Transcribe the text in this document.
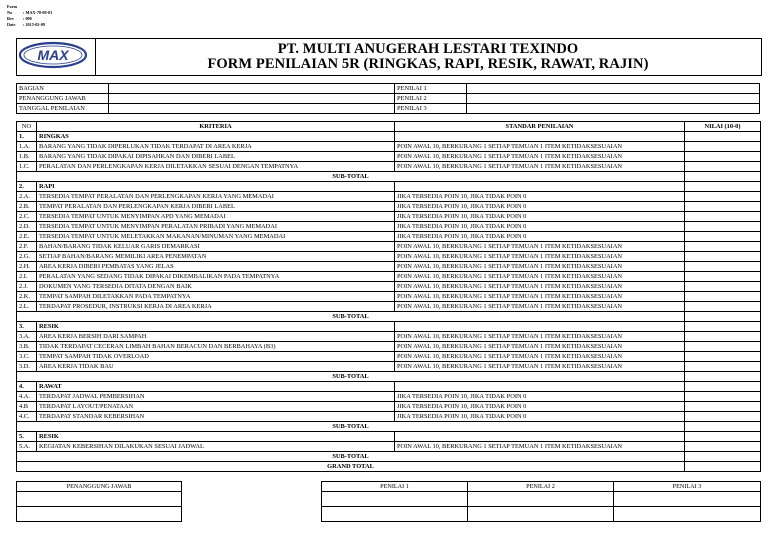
Form No	: MAX-78-09-01
Rev : 000
Date : 2015-02-09
PT. MULTI ANUGERAH LESTARI TEXINDO
FORM PENILAIAN 5R (RINGKAS, RAPI, RESIK, RAWAT, RAJIN)
MAX
BAGIAN		PENILAI 1	
PENANGGUNG JAWAB		PENILAI 2	
TANGGAL PENILAIAN		PENILAI 3	
NO	KRITERIA	STANDAR PENILAIAN	NILAI (10-0)
1.	RINGKAS		
1.A.	BARANG YANG TIDAK DIPERLUKAN TIDAK TERDAPAT DI AREA KERJA	POIN AWAL 10, BERKURANG 1 SETIAP TEMUAN 1 ITEM KETIDAKSESUAIAN	
1.B.	BARANG YANG TIDAK DIPAKAI DIPISAHKAN DAN DIBERI LABEL	POIN AWAL 10, BERKURANG 1 SETIAP TEMUAN 1 ITEM KETIDAKSESUAIAN	
1.C.	PERALATAN DAN PERLENGKAPAN KERJA DILETAKKAN SESUAI DENGAN TEMPATNYA	POIN AWAL 10, BERKURANG 1 SETIAP TEMUAN 1 ITEM KETIDAKSESUAIAN	
SUB-TOTAL			
2.	RAPI		
2.A.	TERSEDIA TEMPAT PERALATAN DAN PERLENGKAPAN KERJA YANG MEMADAI	JIKA TERSEDIA POIN 10, JIKA TIDAK POIN 0	
2.B.	TEMPAT PERALATAN DAN PERLENGKAPAN KERJA DIBERI LABEL	JIKA TERSEDIA POIN 10, JIKA TIDAK POIN 0	
2.C.	TERSEDIA TEMPAT UNTUK MENYIMPAN APD YANG MEMADAI	JIKA TERSEDIA POIN 10, JIKA TIDAK POIN 0	
2.D.	TERSEDIA TEMPAT UNTUK MENYIMPAN PERALATAN PRIBADI YANG MEMADAI	JIKA TERSEDIA POIN 10, JIKA TIDAK POIN 0	
2.E.	TERSEDIA TEMPAT UNTUK MELETAKKAN MAKANAN/MINUMAN YANG MEMADAI	JIKA TERSEDIA POIN 10, JIKA TIDAK POIN 0	
2.F.	BAHAN/BARANG TIDAK KELUAR GARIS DEMARKASI	POIN AWAL 10, BERKURANG 1 SETIAP TEMUAN 1 ITEM KETIDAKSESUAIAN	
2.G.	SETIAP BAHAN/BARANG MEMILIKI AREA PENEMPATAN	POIN AWAL 10, BERKURANG 1 SETIAP TEMUAN 1 ITEM KETIDAKSESUAIAN	
2.H.	AREA KERJA DIBERI PEMBATAS YANG JELAS	POIN AWAL 10, BERKURANG 1 SETIAP TEMUAN 1 ITEM KETIDAKSESUAIAN	
2.I.	PERALATAN YANG SEDANG TIDAK DIPAKAI DIKEMBALIKAN PADA TEMPATNYA	POIN AWAL 10, BERKURANG 1 SETIAP TEMUAN 1 ITEM KETIDAKSESUAIAN	
2.J.	DOKUMEN YANG TERSEDIA DITATA DENGAN BAIK	POIN AWAL 10, BERKURANG 1 SETIAP TEMUAN 1 ITEM KETIDAKSESUAIAN	
2.K.	TEMPAT SAMPAH DILETAKKAN PADA TEMPATNYA	POIN AWAL 10, BERKURANG 1 SETIAP TEMUAN 1 ITEM KETIDAKSESUAIAN	
2.L.	TERDAPAT PROSEDUR, INSTRUKSI KERJA DI AREA KERJA	POIN AWAL 10, BERKURANG 1 SETIAP TEMUAN 1 ITEM KETIDAKSESUAIAN	
SUB-TOTAL			
3.	RESIK		
3.A.	AREA KERJA BERSIH DARI SAMPAH	POIN AWAL 10, BERKURANG 1 SETIAP TEMUAN 1 ITEM KETIDAKSESUAIAN	
3.B.	TIDAK TERDAPAT CECERAN LIMBAH BAHAN BERACUN DAN BERBAHAYA (B3)	POIN AWAL 10, BERKURANG 1 SETIAP TEMUAN 1 ITEM KETIDAKSESUAIAN	
3.C.	TEMPAT SAMPAH TIDAK OVERLOAD	POIN AWAL 10, BERKURANG 1 SETIAP TEMUAN 1 ITEM KETIDAKSESUAIAN	
3.D.	AREA KERJA TIDAK BAU	POIN AWAL 10, BERKURANG 1 SETIAP TEMUAN 1 ITEM KETIDAKSESUAIAN	
SUB-TOTAL			
4.	RAWAT		
4.A.	TERDAPAT JADWAL PEMBERSIHAN	JIKA TERSEDIA POIN 10, JIKA TIDAK POIN 0	
4.B	TERDAPAT LAYOUT/PENATAAN	JIKA TERSEDIA POIN 10, JIKA TIDAK POIN 0	
4.C.	TERDAPAT STANDAR KEBERSIHAN	JIKA TERSEDIA POIN 10, JIKA TIDAK POIN 0	
SUB-TOTAL			
5.	RESIK		
5.A.	KEGIATAN KEBERSIHAN DILAKUKAN SESUAI JADWAL	POIN AWAL 10, BERKURANG 1 SETIAP TEMUAN 1 ITEM KETIDAKSESUAIAN	
SUB-TOTAL			
GRAND TOTAL			
PENANGGUNG JAWAB		PENILAI 1	PENILAI 2	PENILAI 3
